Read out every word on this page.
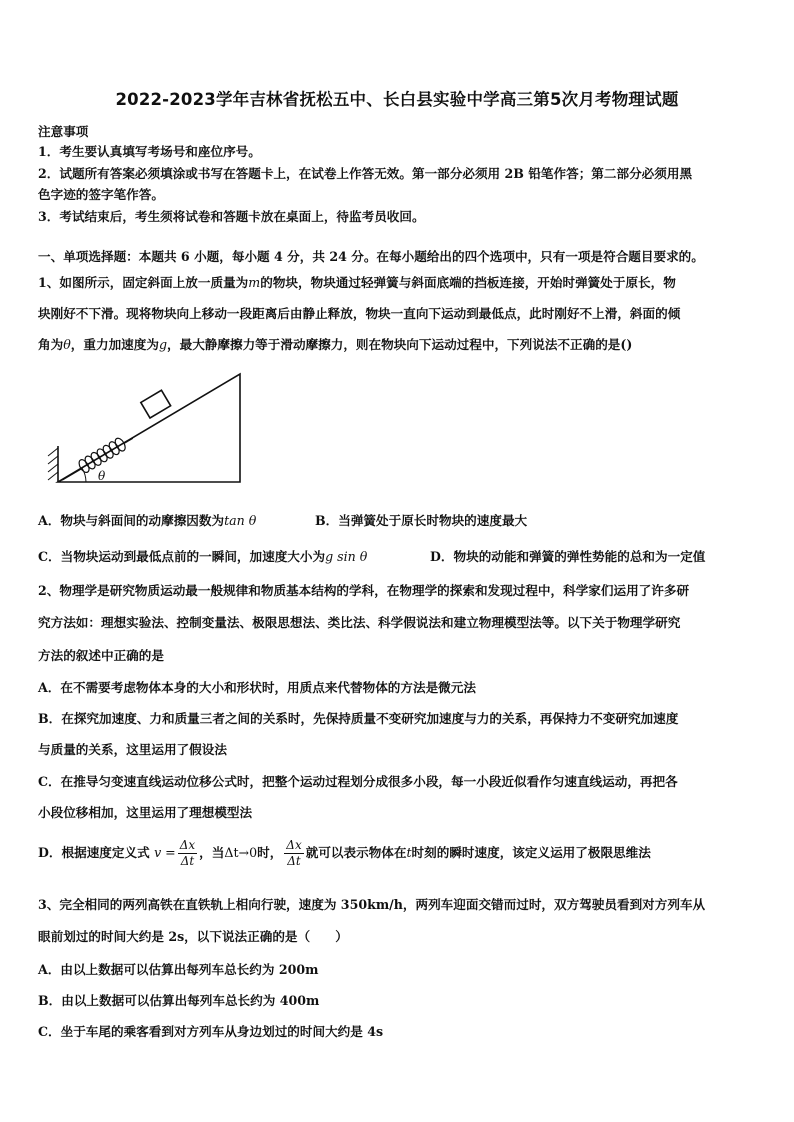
2022-2023学年吉林省抚松五中、长白县实验中学高三第5次月考物理试题
注意事项
1．考生要认真填写考场号和座位序号。
2．试题所有答案必须填涂或书写在答题卡上，在试卷上作答无效。第一部分必须用 2B 铅笔作答；第二部分必须用黑
色字迹的签字笔作答。
3．考试结束后，考生须将试卷和答题卡放在桌面上，待监考员收回。
一、单项选择题：本题共 6 小题，每小题 4 分，共 24 分。在每小题给出的四个选项中，只有一项是符合题目要求的。
1、如图所示，固定斜面上放一质量为m的物块，物块通过轻弹簧与斜面底端的挡板连接，开始时弹簧处于原长，物
块刚好不下滑。现将物块向上移动一段距离后由静止释放，物块一直向下运动到最低点，此时刚好不上滑，斜面的倾
角为θ，重力加速度为g，最大静摩擦力等于滑动摩擦力，则在物块向下运动过程中，下列说法不正确的是()
θ
A．物块与斜面间的动摩擦因数为tan θ	B．当弹簧处于原长时物块的速度最大
C．当物块运动到最低点前的一瞬间，加速度大小为g sin θ	D．物块的动能和弹簧的弹性势能的总和为一定值
2、物理学是研究物质运动最一般规律和物质基本结构的学科，在物理学的探索和发现过程中，科学家们运用了许多研
究方法如：理想实验法、控制变量法、极限思想法、类比法、科学假说法和建立物理模型法等。以下关于物理学研究
方法的叙述中正确的是
A．在不需要考虑物体本身的大小和形状时，用质点来代替物体的方法是微元法
B．在探究加速度、力和质量三者之间的关系时，先保持质量不变研究加速度与力的关系，再保持力不变研究加速度
与质量的关系，这里运用了假设法
C．在推导匀变速直线运动位移公式时，把整个运动过程划分成很多小段，每一小段近似看作匀速直线运动，再把各
小段位移相加，这里运用了理想模型法
D．根据速度定义式 $v = \frac{\Delta x}{\Delta t}$ ，当Δt→0时， $\frac{\Delta x}{\Delta t}$ 就可以表示物体在t时刻的瞬时速度，该定义运用了极限思维法
3、完全相同的两列高铁在直铁轨上相向行驶，速度为 350km/h，两列车迎面交错而过时，双方驾驶员看到对方列车从
眼前划过的时间大约是 2s，以下说法正确的是（　　）
A．由以上数据可以估算出每列车总长约为 200m
B．由以上数据可以估算出每列车总长约为 400m
C．坐于车尾的乘客看到对方列车从身边划过的时间大约是 4s
